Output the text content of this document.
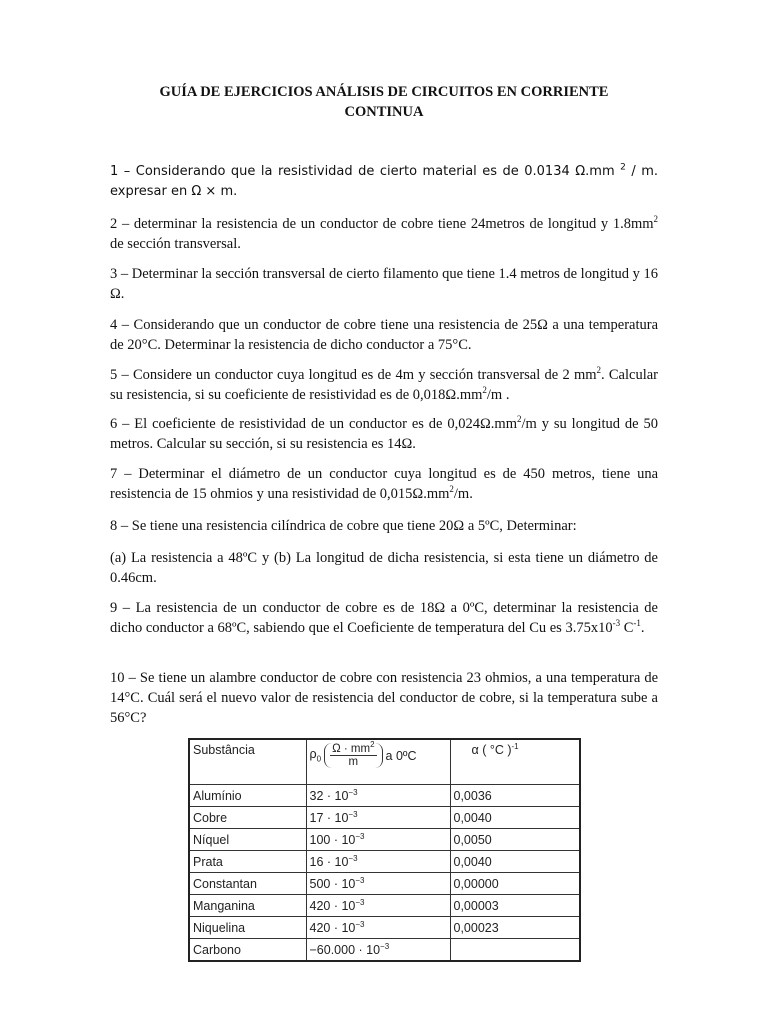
GUÍA DE EJERCICIOS ANÁLISIS DE CIRCUITOS EN CORRIENTE
CONTINUA

1 – Considerando que la resistividad de cierto material es de 0.0134 Ω.mm $^2$ / m. expresar en Ω × m.

2 – determinar la resistencia de un conductor de cobre tiene 24metros de longitud y $1.8mm^2$ de sección transversal.

3 – Determinar la sección transversal de cierto filamento que tiene 1.4 metros de longitud y 16 Ω.

4 – Considerando que un conductor de cobre tiene una resistencia de 25Ω a una temperatura de 20°C. Determinar la resistencia de dicho conductor a 75°C.

5 – Considere un conductor cuya longitud es de 4m y sección transversal de 2 $mm^2$. Calcular su resistencia, si su coeficiente de resistividad es de $0,018\Omega.mm^2/m$ .

6 – El coeficiente de resistividad de un conductor es de $0,024\Omega.mm^2/m$ y su longitud de 50 metros. Calcular su sección, si su resistencia es 14Ω.

7 – Determinar el diámetro de un conductor cuya longitud es de 450 metros, tiene una resistencia de 15 ohmios y una resistividad de $0,015\Omega.mm^2/m$.

8 – Se tiene una resistencia cilíndrica de cobre que tiene 20Ω a 5ºC, Determinar:

(a) La resistencia a 48ºC y (b) La longitud de dicha resistencia, si esta tiene un diámetro de 0.46cm.

9 – La resistencia de un conductor de cobre es de 18Ω a 0ºC, determinar la resistencia de dicho conductor a 68ºC, sabiendo que el Coeficiente de temperatura del Cu es $3.75x10^{-3}$ $C^{-1}$.

10 – Se tiene un alambre conductor de cobre con resistencia 23 ohmios, a una temperatura de 14°C. Cuál será el nuevo valor de resistencia del conductor de cobre, si la temperatura sube a 56°C?

Substância	$\rho_0 \frac{\Omega \cdot mm^2}{m}$ a 0ºC	α ( °C )$^{-1}$
Alumínio	$32 \cdot 10^{-3}$	0,0036
Cobre	$17 \cdot 10^{-3}$	0,0040
Níquel	$100 \cdot 10^{-3}$	0,0050
Prata	$16 \cdot 10^{-3}$	0,0040
Constantan	$500 \cdot 10^{-3}$	0,00000
Manganina	$420 \cdot 10^{-3}$	0,00003
Niquelina	$420 \cdot 10^{-3}$	0,00023
Carbono	$-60.000 \cdot 10^{-3}$	
